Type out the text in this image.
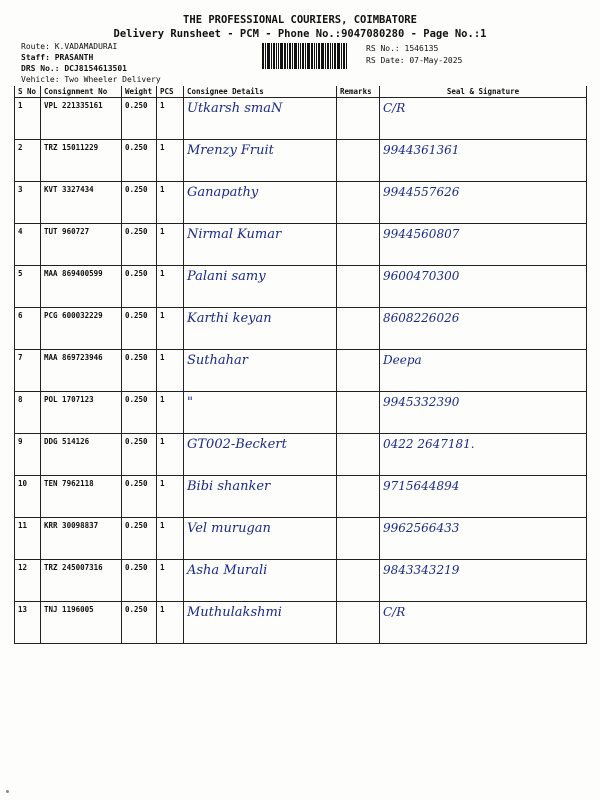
THE PROFESSIONAL COURIERS, COIMBATORE
Delivery Runsheet - PCM - Phone No.:9047080280 - Page No.:1
Route: K.VADAMADURAI
Staff: PRASANTH
DRS No.: DCJ8154613501
Vehicle: Two Wheeler Delivery
RS No.: 1546135
RS Date: 07-May-2025
S No	Consignment No	Weight	PCS	Consignee Details	Remarks	Seal & Signature
1	VPL 221335161	0.250	1	Utkarsh smaN		C/R
2	TRZ 15011229	0.250	1	Mrenzy Fruit		9944361361
3	KVT 3327434	0.250	1	Ganapathy		9944557626
4	TUT 960727	0.250	1	Nirmal Kumar		9944560807
5	MAA 869400599	0.250	1	Palani samy		9600470300
6	PCG 600032229	0.250	1	Karthi keyan		8608226026
7	MAA 869723946	0.250	1	Suthahar		Deepa
8	POL 1707123	0.250	1	"		9945332390
9	DDG 514126	0.250	1	GT002-Beckert		0422 2647181.
10	TEN 7962118	0.250	1	Bibi shanker		9715644894
11	KRR 30098837	0.250	1	Vel murugan		9962566433
12	TRZ 245007316	0.250	1	Asha Murali		9843343219
13	TNJ 1196005	0.250	1	Muthulakshmi		C/R
